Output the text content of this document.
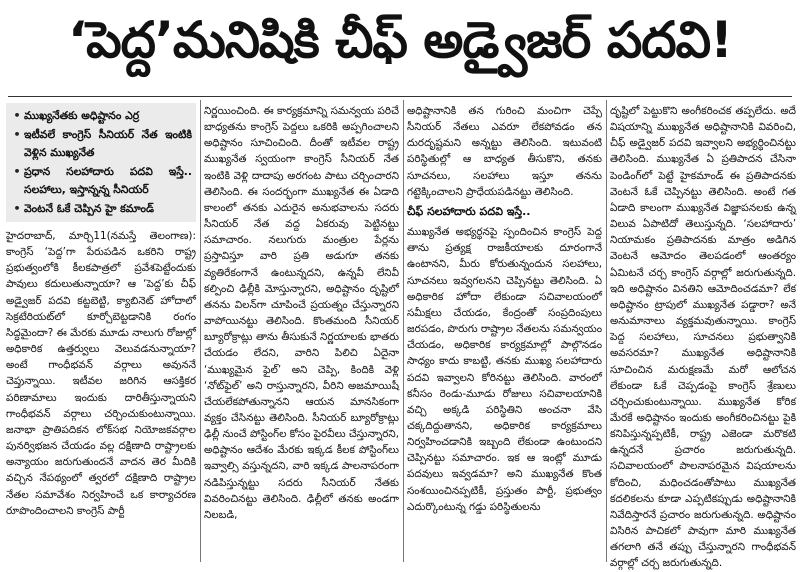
‘పెద్ద’మనిషికి చీఫ్ అడ్వైజర్ పదవి!
• ముఖ్యనేతకు అధిష్టానం ఎర్ర
• ఇటీవలే కాంగ్రెస్ సీనియర్ నేత ఇంటికి వెళ్లిన ముఖ్యనేత
• ప్రధాన సలహాదారు పదవి ఇస్తే.. సలహాలు, ఇస్తాన్నన్న సీనియర్
• వెంటనే ఓకే చెప్పిన హై కమాండ్

హైదరాబాద్, మార్చి11(నమస్తే తెలంగాణ): కాంగ్రెస్ ‘పెద్ద’గా పేరుపడిన ఒకరిని రాష్ట్ర ప్రభుత్వంలోకి కీలకపాత్రలో ప్రవేశపెట్టేందుకు పావులు కదులుతున్నాయా? ఆ ‘పెద్ద’కు చీఫ్ అడ్వైజర్ పదవి కట్టబెట్టి, క్యాబినెట్ హోదాలో సెక్రటేరియట్‌లో కూర్చోబెట్టడానికి రంగం సిద్ధమైందా? ఈ మేరకు మూడు నాలుగు రోజుల్లో అధికారిక ఉత్తర్వులు వెలువడనున్నాయా? అంటే గాంధీభవన్ వర్గాలు అవుననే చెప్తున్నాయి. ఇటీవల జరిగిన ఆసక్తికర పరిణామాలు ఇందుకు దారితీస్తున్నాయని గాంధీభవన్ వర్గాలు చర్చించుకుంటున్నాయి. జనాభా ప్రాతిపదికన లోక్‌సభ నియోజకవర్గాల పునర్విభజన చేయడం వల్ల దక్షిణాది రాష్ట్రాలకు అన్యాయం జరుగుతుందనే వాదన తెర మీదికి వచ్చిన నేపథ్యంలో త్వరలో దక్షిణాది రాష్ట్రాల నేతల సమావేశం నిర్వహించే ఒక కార్యాచరణ రూపొందించాలని కాంగ్రెస్ పార్టీ

నిర్ణయించింది. ఈ కార్యక్రమాన్ని సమన్వయ పరిచే బాధ్యతను కాంగ్రెస్ పెద్దలు ఒకరికి అప్పగించాలని అధిష్టానం సూచించింది. దీంతో ఇటీవల రాష్ట్ర ముఖ్యనేత స్వయంగా కాంగ్రెస్ సీనియర్ నేత ఇంటికి వెళ్లి దాదాపు అరగంట పాటు చర్చించారని తెలిసింది. ఈ సందర్భంగా ముఖ్యనేత ఈ ఏడాది కాలంలో తనకు ఎదురైన అనుభవాలను సదరు సీనియర్ నేత వద్ద ఏకరువు పెట్టినట్టు సమాచారం. నలుగురు మంత్రుల పేర్లను ప్రస్తావిస్తూ వారి ప్రతి అడుగూ తనకు వ్యతిరేకంగానే ఉంటున్నదని, ఉన్నవీ లేనివీ కల్పించి ఢిల్లీకి మోస్తున్నారని, అధిష్టానం దృష్టిలో తనను విలన్‌గా చూపించే ప్రయత్నం చేస్తున్నారని వాపోయినట్టు తెలిసింది. కొంతమంది సీనియర్ బ్యూరోక్రాట్లు తాను తీసుకునే నిర్ణయాలకు భాతరు చేయడం లేదని, వారిని పిలిచి ఏదైనా ‘ముఖ్యమైన ఫైల్’ అని చెప్పి, కిందికి వెళ్లి ‘నోట్‌ఫైల్’ అని రాస్తున్నారని, వీరిని అజమాయిషీ చేయలేకపోతున్నానని ఆయన మానసికంగా వ్యక్తం చేసినట్టు తెలిసింది. సీనియర్ బ్యూరోక్రాట్లు ఢిల్లీ నుంచే పోస్టింగ్‌ల కోసం పైరవీలు చేస్తున్నారని, అధిష్టానం ఆదేశం మేరకు ఇక్కడ కీలక పోస్టింగ్‌లు ఇవ్వాల్సి వస్తున్నదని, వారి ఇక్కడ పాలనాపరంగా నడిపిస్తున్నట్టు సదరు సీనియర్ నేతకు వివరించినట్టు తెలిసింది. ఢిల్లీలో తనకు అండగా నిలబడి,

అధిష్టానానికి తన గురించి మంచిగా చెప్పే సీనియర్ నేతలు ఎవరూ లేకపోవడం తన దురదృష్టమని అన్నట్టు తెలిసింది. ఇటువంటి పరిస్థితుల్లో ఆ బాధ్యత తీసుకొని, తనకు సూచనలు, సలహాలు ఇస్తూ తనను గట్టెక్కించాలని ప్రాధేయపడినట్టు తెలిసింది.

చీఫ్ సలహాదారు పదవి ఇస్తే..

ముఖ్యనేత అభ్యర్థనపై స్పందించిన కాంగ్రెస్ పెద్ద తాను ప్రత్యక్ష రాజకీయాలకు దూరంగానే ఉంటానని, మీరు కోరుతున్నందున సలహాలు, సూచనలు ఇవ్వగలనని చెప్పినట్టు తెలిసింది. ఏ అధికారిక హోదా లేకుండా సచివాలయంలో సమీక్షలు చేయడం, కేంద్రంతో సంప్రదింపులు జరపడం, పొరుగు రాష్ట్రాల నేతలను సమన్వయం చేయడం, అధికారిక కార్యక్రమాల్లో పాల్గొనడం సాధ్యం కాదు కాబట్టి, తనకు ముఖ్య సలహాదారు పదవి ఇవ్వాలని కోరినట్టు తెలిసింది. వారంలో కనీసం రెండు-మూడు రోజులు సచివాలయానికి వచ్చి అక్కడి పరిస్థితిని అంచనా వేసి చక్కదిద్దుతానని, అధికారిక కార్యక్రమాలు నిర్వహించడానికి ఇబ్బంది లేకుండా ఉంటుందని చెప్పినట్టు సమాచారం. ఇక ఆ ఇంట్లో మూడు పదవులు ఇవ్వడమా? అని ముఖ్యనేత కొంత సంశయించినప్పటికీ, ప్రస్తుతం పార్టీ, ప్రభుత్వం ఎదుర్కొంటున్న గడ్డు పరిస్థితులను

దృష్టిలో పెట్టుకొని అంగీకరించక తప్పలేదు. అదే విషయాన్ని ముఖ్యనేత అధిష్టానానికి వివరించి, చీఫ్ అడ్వైజర్ పదవి ఇవ్వాలని అభ్యర్థించినట్టు తెలిసింది. ముఖ్యనేత ఏ ప్రతిపాదన చేసినా పెండింగ్‌లో పెట్టే హైకమాండ్ ఈ ప్రతిపాదనకు వెంటనే ఓకే చెప్పినట్టు తెలిసింది. అంటే గత ఏడాది కాలంగా ముఖ్యనేత విజ్ఞాపనలకు ఉన్న విలువ ఏపాటిదో తెలుస్తున్నది. ‘సలహాదారు’ నియామకం ప్రతిపాదనకు మాత్రం అడిగిన వెంటనే ఆమోదం తెలపడంలో ఆంతర్యం ఏమిటనే చర్చ కాంగ్రెస్ వర్గాల్లో జరుగుతున్నది. ఇది అధిష్టానం వినతిని ఆమోదించడమా? లేక అధిష్టానం ట్రాపులో ముఖ్యనేత పడ్డారా? అనే అనుమానాలు వ్యక్తమవుతున్నాయి. కాంగ్రెస్ పెద్ద సలహాలు, సూచనలు ప్రభుత్వానికి అవసరమా? ముఖ్యనేత అధిష్టానానికి సూచించిన మరుక్షణమే మరో ఆలోచన లేకుండా ఓకే చెప్పడంపై కాంగ్రెస్ శ్రేణులు చర్చించుకుంటున్నాయి. ముఖ్యనేత కోరిక మేరకే అధిష్టానం ఇందుకు అంగీకరించినట్టు పైకి కనిపిస్తున్నప్పటికీ, రాష్ట్ర ఎజెండా మరొకటి ఉన్నదనే ప్రచారం జరుగుతున్నది. సచివాలయంలో పాలనాపరమైన విషయాలను కోదించి, మధించడంతోపాటు ముఖ్యనేత కదలికలను కూడా ఎప్పటికప్పుడు అధిష్టానానికి నివేదిస్తారనే ప్రచారం జరుగుతున్నది. అధిష్టానం విసిరిన పాచికలో పావుగా మారి ముఖ్యనేత తగలాగి తనే తప్పు చేస్తున్నారని గాంధీభవన్ వర్గాల్లో చర్చ జరుగుతున్నది.
